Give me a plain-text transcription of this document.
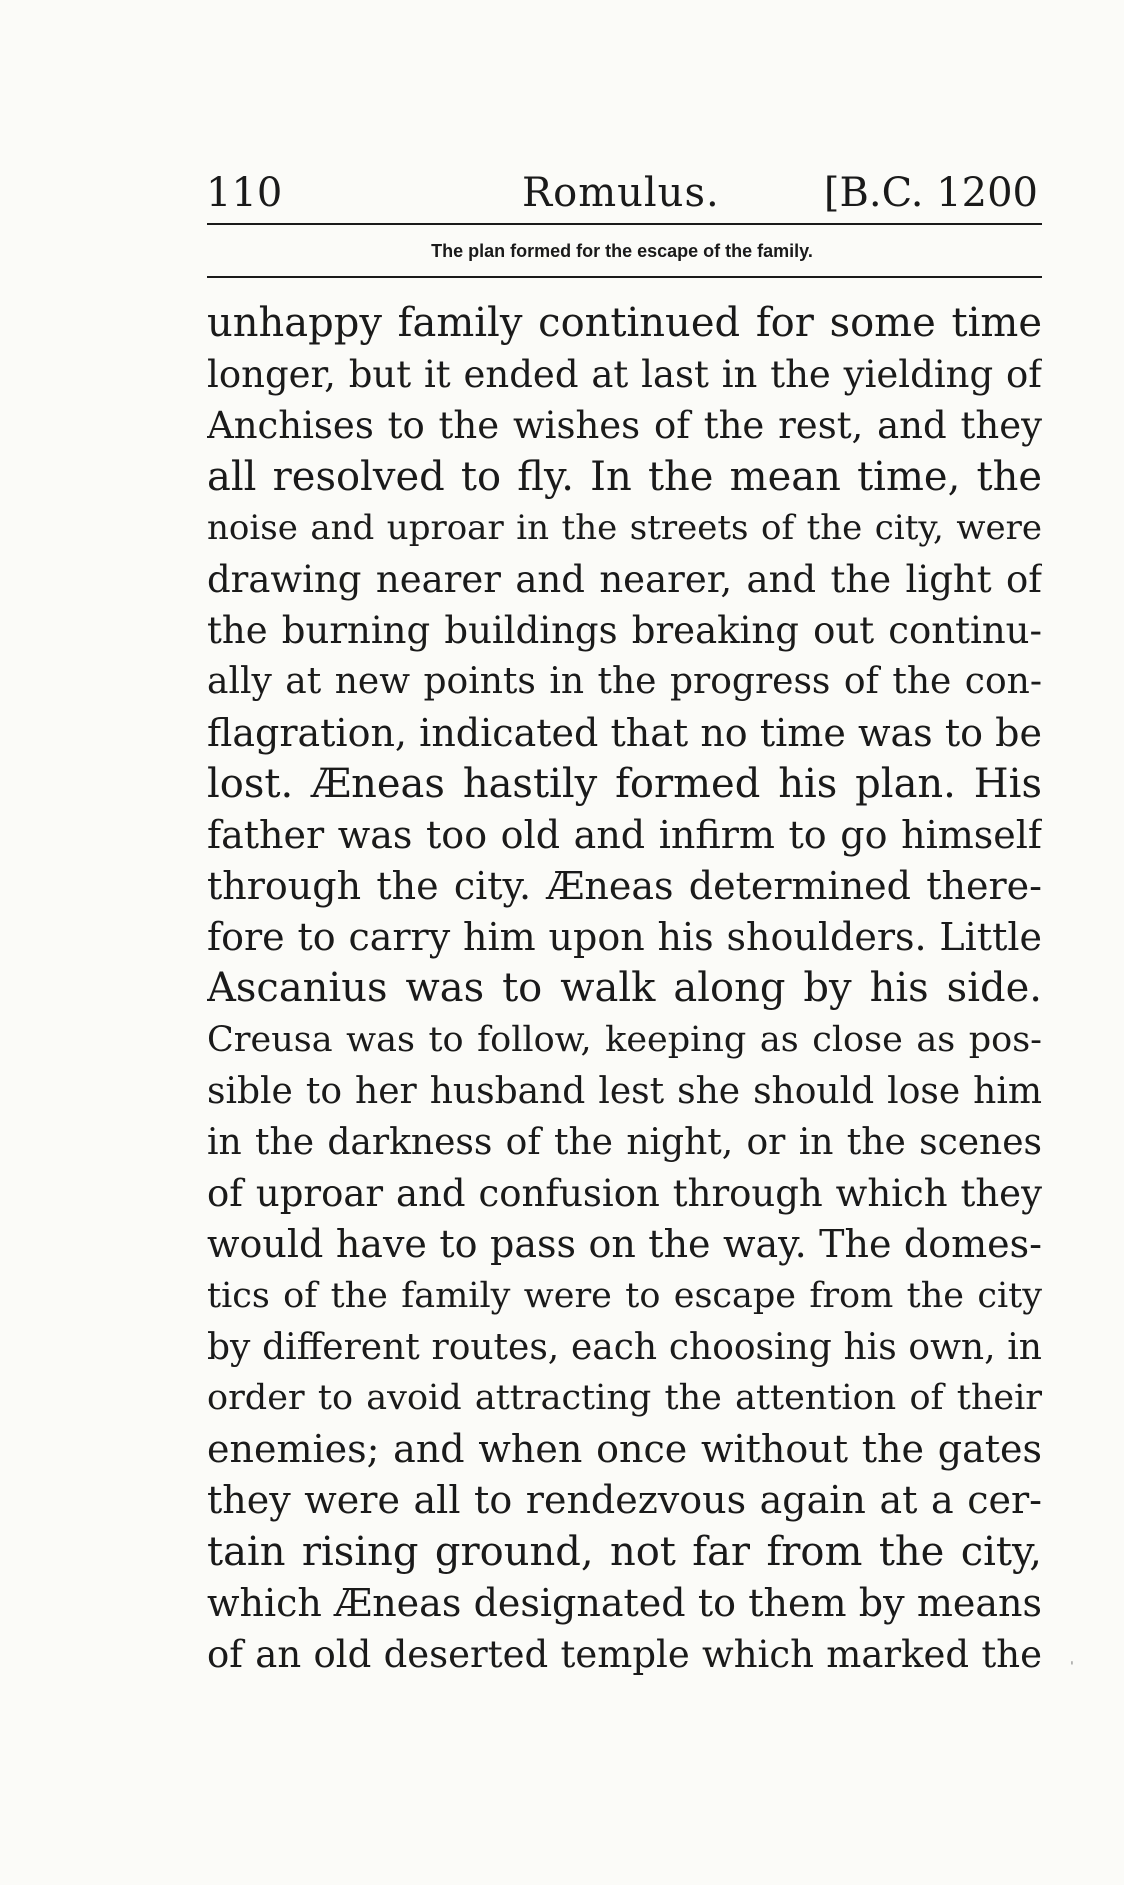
110	Romulus.	[B.C. 1200
The plan formed for the escape of the family.
unhappy family continued for some time
longer, but it ended at last in the yielding of
Anchises to the wishes of the rest, and they
all resolved to fly. In the mean time, the
noise and uproar in the streets of the city, were
drawing nearer and nearer, and the light of
the burning buildings breaking out continu-
ally at new points in the progress of the con-
flagration, indicated that no time was to be
lost. Æneas hastily formed his plan. His
father was too old and infirm to go himself
through the city. Æneas determined there-
fore to carry him upon his shoulders. Little
Ascanius was to walk along by his side.
Creusa was to follow, keeping as close as pos-
sible to her husband lest she should lose him
in the darkness of the night, or in the scenes
of uproar and confusion through which they
would have to pass on the way. The domes-
tics of the family were to escape from the city
by different routes, each choosing his own, in
order to avoid attracting the attention of their
enemies; and when once without the gates
they were all to rendezvous again at a cer-
tain rising ground, not far from the city,
which Æneas designated to them by means
of an old deserted temple which marked the ˈ
